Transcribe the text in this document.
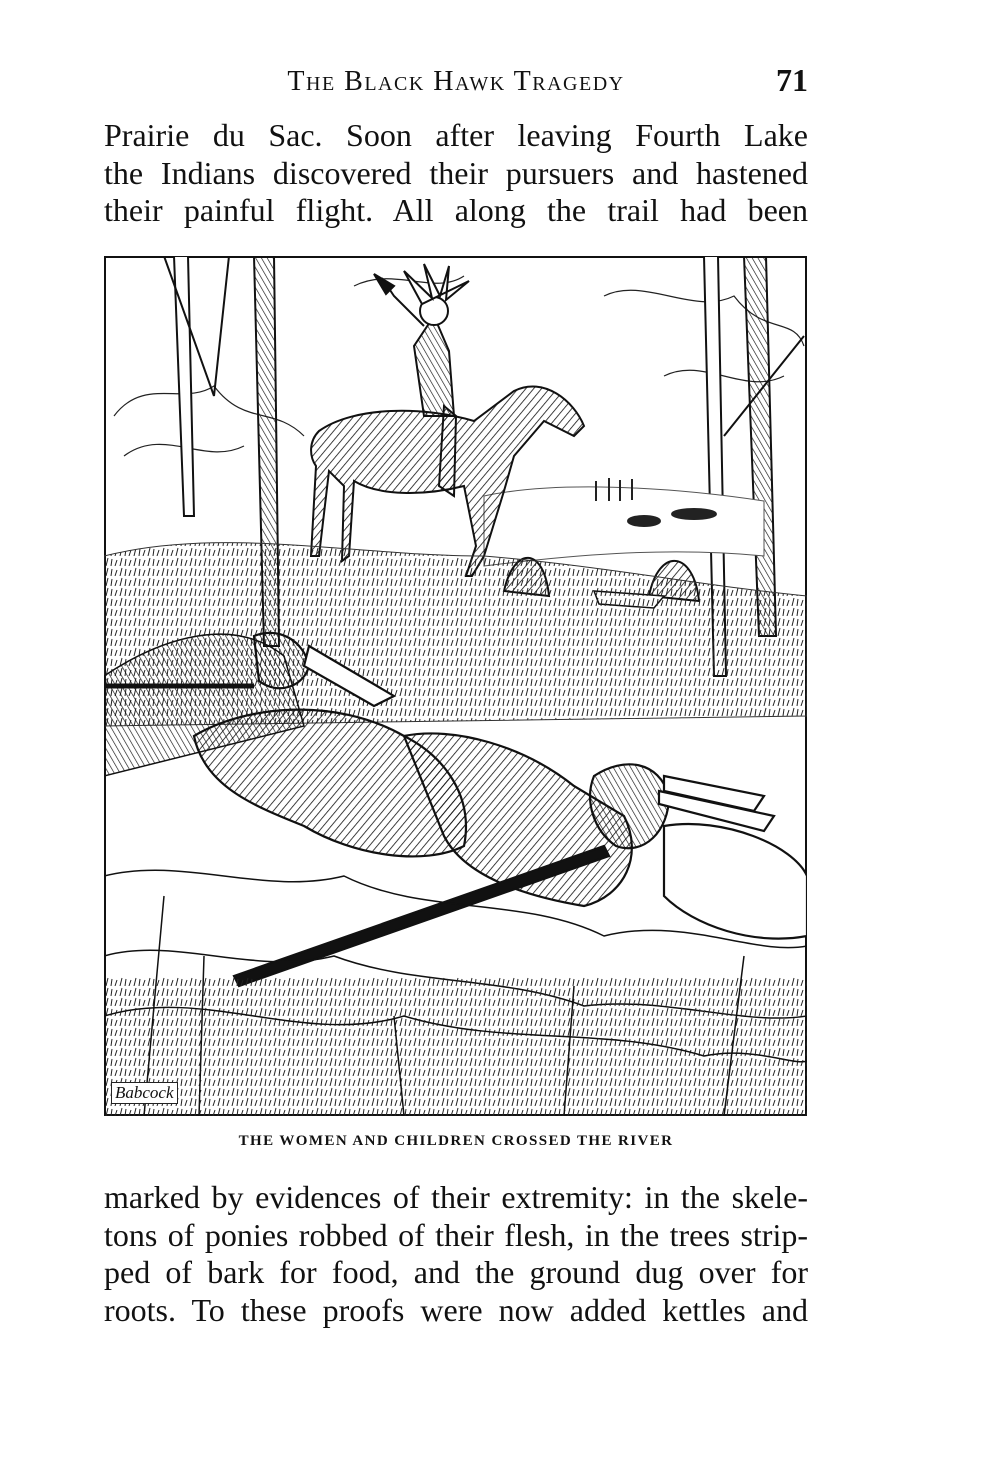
The Black Hawk Tragedy	71
Prairie du Sac. Soon after leaving Fourth Lake
the Indians discovered their pursuers and hastened
their painful flight. All along the trail had been
Babcock
THE WOMEN AND CHILDREN CROSSED THE RIVER
marked by evidences of their extremity: in the skele-
tons of ponies robbed of their flesh, in the trees strip-
ped of bark for food, and the ground dug over for
roots. To these proofs were now added kettles and
